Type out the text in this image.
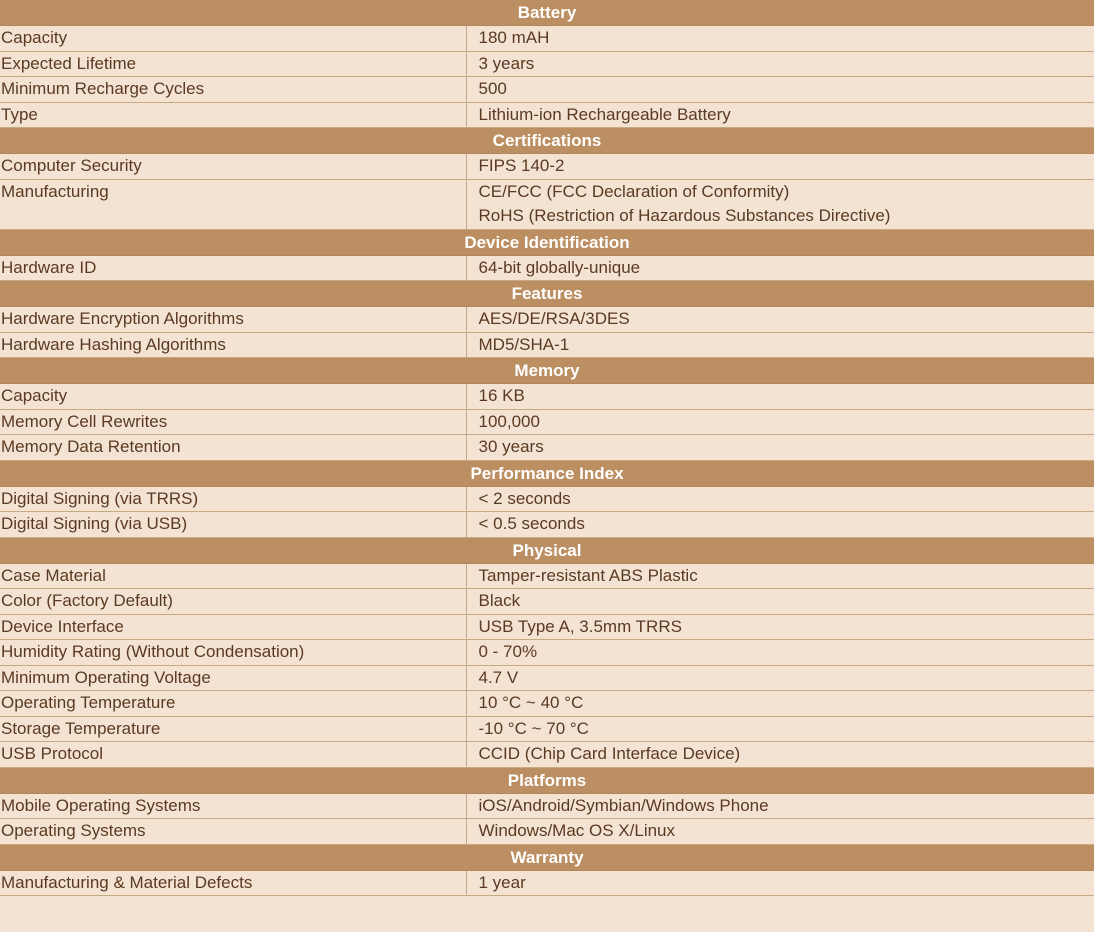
Battery	
Capacity	180 mAH

Expected Lifetime	3 years

Minimum Recharge Cycles	500

Type	Lithium-ion Rechargeable Battery

Certifications	
Computer Security	FIPS 140-2

Manufacturing	CE/FCC (FCC Declaration of Conformity)
RoHS (Restriction of Hazardous Substances Directive)

Device Identification	
Hardware ID	64-bit globally-unique

Features	
Hardware Encryption Algorithms	AES/DE/RSA/3DES

Hardware Hashing Algorithms	MD5/SHA-1

Memory	
Capacity	16 KB

Memory Cell Rewrites	100,000

Memory Data Retention	30 years

Performance Index	
Digital Signing (via TRRS)	< 2 seconds

Digital Signing (via USB)	< 0.5 seconds

Physical	
Case Material	Tamper-resistant ABS Plastic

Color (Factory Default)	Black

Device Interface	USB Type A, 3.5mm TRRS

Humidity Rating (Without Condensation)	0 - 70%

Minimum Operating Voltage	4.7 V

Operating Temperature	10 °C ~ 40 °C

Storage Temperature	-10 °C ~ 70 °C

USB Protocol	CCID (Chip Card Interface Device)

Platforms	
Mobile Operating Systems	iOS/Android/Symbian/Windows Phone

Operating Systems	Windows/Mac OS X/Linux

Warranty	
Manufacturing & Material Defects	1 year
